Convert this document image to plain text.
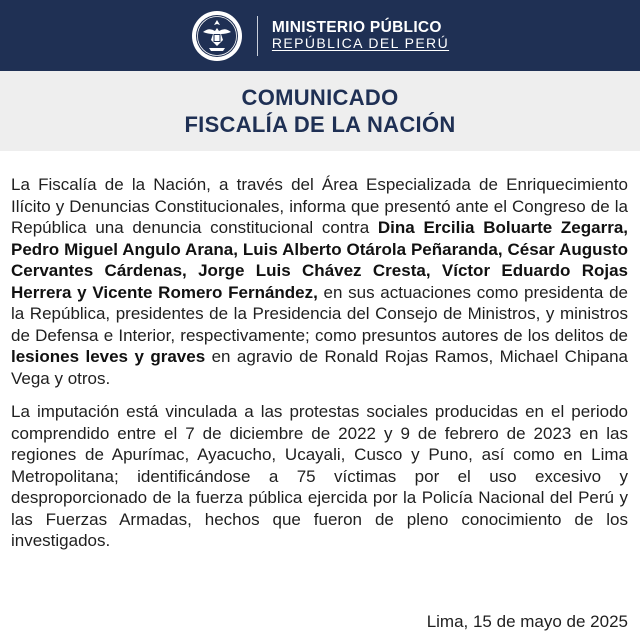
MINISTERIO PÚBLICO
REPÚBLICA DEL PERÚ
COMUNICADO
FISCALÍA DE LA NACIÓN

La Fiscalía de la Nación, a través del Área Especializada de Enriquecimiento Ilícito y Denuncias Constitucionales, informa que presentó ante el Congreso de la República una denuncia constitucional contra Dina Ercilia Boluarte Zegarra, Pedro Miguel Angulo Arana, Luis Alberto Otárola Peñaranda, César Augusto Cervantes Cárdenas, Jorge Luis Chávez Cresta, Víctor Eduardo Rojas Herrera y Vicente Romero Fernández, en sus actuaciones como presidenta de la República, presidentes de la Presidencia del Consejo de Ministros, y ministros de Defensa e Interior, respectivamente; como presuntos autores de los delitos de lesiones leves y graves en agravio de Ronald Rojas Ramos, Michael Chipana Vega y otros.

La imputación está vinculada a las protestas sociales producidas en el periodo comprendido entre el 7 de diciembre de 2022 y 9 de febrero de 2023 en las regiones de Apurímac, Ayacucho, Ucayali, Cusco y Puno, así como en Lima Metropolitana; identificándose a 75 víctimas por el uso excesivo y desproporcionado de la fuerza pública ejercida por la Policía Nacional del Perú y las Fuerzas Armadas, hechos que fueron de pleno conocimiento de los investigados.

Lima, 15 de mayo de 2025
